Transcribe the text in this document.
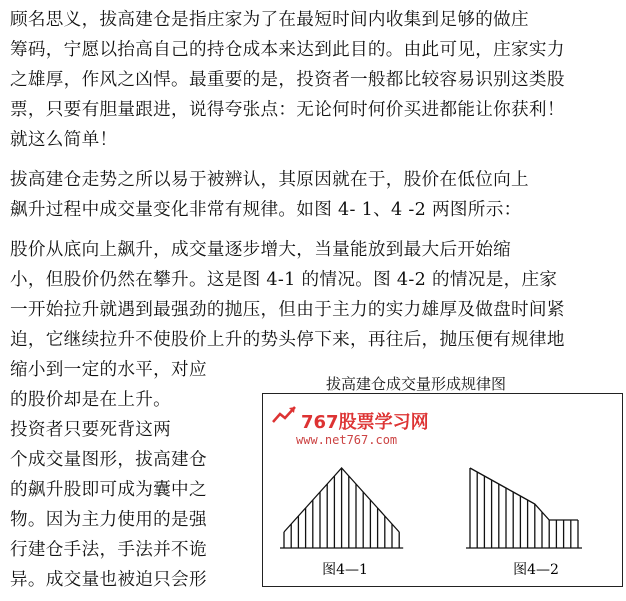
顾名思义，拔高建仓是指庄家为了在最短时间内收集到足够的做庄
筹码，宁愿以抬高自己的持仓成本来达到此目的。由此可见，庄家实力
之雄厚，作风之凶悍。最重要的是，投资者一般都比较容易识别这类股
票，只要有胆量跟进，说得夸张点：无论何时何价买进都能让你获利！
就这么简单！
拔高建仓走势之所以易于被辨认，其原因就在于，股价在低位向上
飙升过程中成交量变化非常有规律。如图 4- 1、4 -2 两图所示：
股价从底向上飙升，成交量逐步增大，当量能放到最大后开始缩
小，但股价仍然在攀升。这是图 4-1 的情况。图 4-2 的情况是，庄家
一开始拉升就遇到最强劲的抛压，但由于主力的实力雄厚及做盘时间紧
迫，它继续拉升不使股价上升的势头停下来，再往后，抛压便有规律地
缩小到一定的水平，对应
的股价却是在上升。
投资者只要死背这两
个成交量图形，拔高建仓
的飙升股即可成为囊中之
物。因为主力使用的是强
行建仓手法，手法并不诡
异。成交量也被迫只会形
拔高建仓成交量形成规律图
767股票学习网
www.net767.com
图4—1	图4—2
